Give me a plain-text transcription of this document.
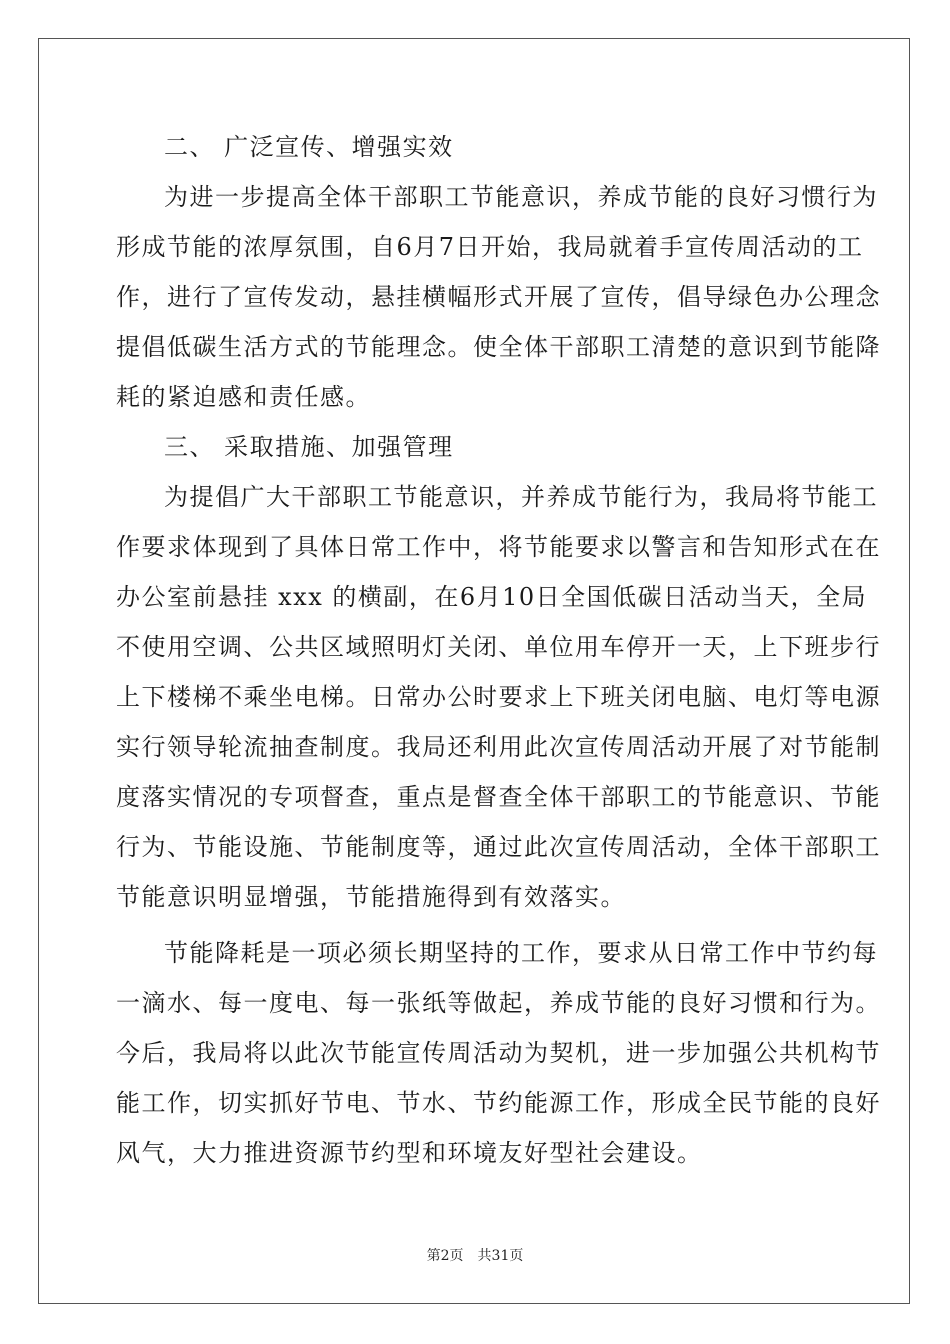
二、 广泛宣传、增强实效
为进一步提高全体干部职工节能意识，养成节能的良好习惯行为
形成节能的浓厚氛围，自6月7日开始，我局就着手宣传周活动的工
作，进行了宣传发动，悬挂横幅形式开展了宣传，倡导绿色办公理念
提倡低碳生活方式的节能理念。使全体干部职工清楚的意识到节能降
耗的紧迫感和责任感。
三、 采取措施、加强管理
为提倡广大干部职工节能意识，并养成节能行为，我局将节能工
作要求体现到了具体日常工作中，将节能要求以警言和告知形式在在
办公室前悬挂 xxx 的横副，在6月10日全国低碳日活动当天，全局
不使用空调、公共区域照明灯关闭、单位用车停开一天，上下班步行
上下楼梯不乘坐电梯。日常办公时要求上下班关闭电脑、电灯等电源
实行领导轮流抽查制度。我局还利用此次宣传周活动开展了对节能制
度落实情况的专项督查，重点是督查全体干部职工的节能意识、节能
行为、节能设施、节能制度等，通过此次宣传周活动，全体干部职工
节能意识明显增强，节能措施得到有效落实。
节能降耗是一项必须长期坚持的工作，要求从日常工作中节约每
一滴水、每一度电、每一张纸等做起，养成节能的良好习惯和行为。
今后，我局将以此次节能宣传周活动为契机，进一步加强公共机构节
能工作，切实抓好节电、节水、节约能源工作，形成全民节能的良好
风气，大力推进资源节约型和环境友好型社会建设。
第2页 共31页
